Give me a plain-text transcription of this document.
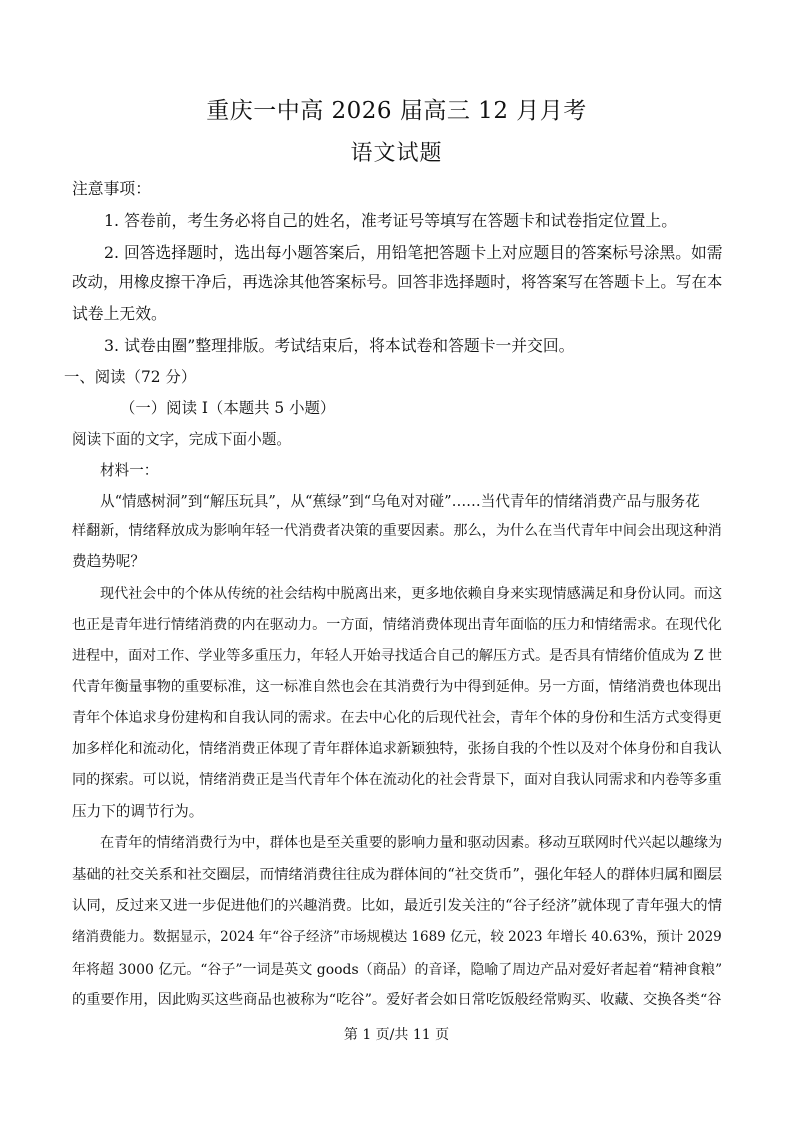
重庆一中高 2026 届高三 12 月月考
语文试题
注意事项：
1. 答卷前，考生务必将自己的姓名，准考证号等填写在答题卡和试卷指定位置上。
2. 回答选择题时，选出每小题答案后，用铅笔把答题卡上对应题目的答案标号涂黑。如需
改动，用橡皮擦干净后，再选涂其他答案标号。回答非选择题时，将答案写在答题卡上。写在本
试卷上无效。
3. 试卷由圈”整理排版。考试结束后，将本试卷和答题卡一并交回。
一、阅读（72 分）
（一）阅读 I（本题共 5 小题）
阅读下面的文字，完成下面小题。
材料一：
从“情感树洞”到“解压玩具”，从“蕉绿”到“乌龟对对碰”……当代青年的情绪消费产品与服务花
样翻新，情绪释放成为影响年轻一代消费者决策的重要因素。那么，为什么在当代青年中间会出现这种消
费趋势呢？
现代社会中的个体从传统的社会结构中脱离出来，更多地依赖自身来实现情感满足和身份认同。而这
也正是青年进行情绪消费的内在驱动力。一方面，情绪消费体现出青年面临的压力和情绪需求。在现代化
进程中，面对工作、学业等多重压力，年轻人开始寻找适合自己的解压方式。是否具有情绪价值成为 Z 世
代青年衡量事物的重要标准，这一标准自然也会在其消费行为中得到延伸。另一方面，情绪消费也体现出
青年个体追求身份建构和自我认同的需求。在去中心化的后现代社会，青年个体的身份和生活方式变得更
加多样化和流动化，情绪消费正体现了青年群体追求新颖独特，张扬自我的个性以及对个体身份和自我认
同的探索。可以说，情绪消费正是当代青年个体在流动化的社会背景下，面对自我认同需求和内卷等多重
压力下的调节行为。
在青年的情绪消费行为中，群体也是至关重要的影响力量和驱动因素。移动互联网时代兴起以趣缘为
基础的社交关系和社交圈层，而情绪消费往往成为群体间的“社交货币”，强化年轻人的群体归属和圈层
认同，反过来又进一步促进他们的兴趣消费。比如，最近引发关注的“谷子经济”就体现了青年强大的情
绪消费能力。数据显示，2024 年“谷子经济”市场规模达 1689 亿元，较 2023 年增长 40.63%，预计 2029
年将超 3000 亿元。“谷子”一词是英文 goods（商品）的音译，隐喻了周边产品对爱好者起着“精神食粮”
的重要作用，因此购买这些商品也被称为“吃谷”。爱好者会如日常吃饭般经常购买、收藏、交换各类“谷
第 1 页/共 11 页
